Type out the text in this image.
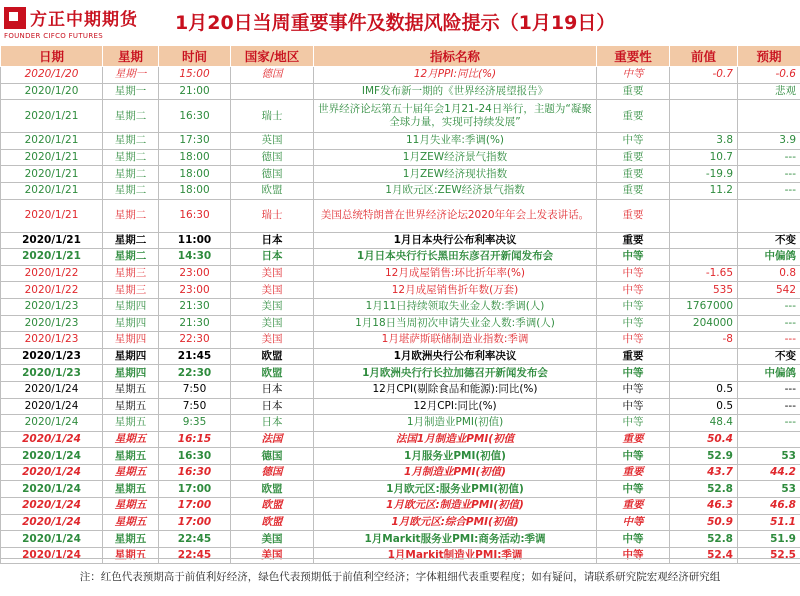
方正中期期货
FOUNDER CIFCO FUTURES
1月20日当周重要事件及数据风险提示（1月19日）
日期	星期	时间	国家/地区	指标名称	重要性	前值	预期
2020/1/20	星期一	15:00	德国	12月PPI:同比(%)	中等	-0.7	-0.6
2020/1/20	星期一	21:00		IMF发布新一期的《世界经济展望报告》	重要		悲观
2020/1/21	星期二	16:30	瑞士	世界经济论坛第五十届年会1月21-24日举行，主题为“凝聚全球力量，实现可持续发展”	重要		
2020/1/21	星期二	17:30	英国	11月失业率:季调(%)	中等	3.8	3.9
2020/1/21	星期二	18:00	德国	1月ZEW经济景气指数	重要	10.7	---
2020/1/21	星期二	18:00	德国	1月ZEW经济现状指数	重要	-19.9	---
2020/1/21	星期二	18:00	欧盟	1月欧元区:ZEW经济景气指数	重要	11.2	---
2020/1/21	星期二	16:30	瑞士	美国总统特朗普在世界经济论坛2020年年会上发表讲话。	重要		
2020/1/21	星期二	11:00	日本	1月日本央行公布利率决议	重要		不变
2020/1/21	星期二	14:30	日本	1月日本央行行长黑田东彦召开新闻发布会	中等		中偏鸽
2020/1/22	星期三	23:00	美国	12月成屋销售:环比折年率(%)	中等	-1.65	0.8
2020/1/22	星期三	23:00	美国	12月成屋销售折年数(万套)	中等	535	542
2020/1/23	星期四	21:30	美国	1月11日持续领取失业金人数:季调(人)	中等	1767000	---
2020/1/23	星期四	21:30	美国	1月18日当周初次申请失业金人数:季调(人)	中等	204000	---
2020/1/23	星期四	22:30	美国	1月堪萨斯联储制造业指数:季调	中等	-8	---
2020/1/23	星期四	21:45	欧盟	1月欧洲央行公布利率决议	重要		不变
2020/1/23	星期四	22:30	欧盟	1月欧洲央行行长拉加德召开新闻发布会	中等		中偏鸽
2020/1/24	星期五	7:50	日本	12月CPI(剔除食品和能源):同比(%)	中等	0.5	---
2020/1/24	星期五	7:50	日本	12月CPI:同比(%)	中等	0.5	---
2020/1/24	星期五	9:35	日本	1月制造业PMI(初值)	中等	48.4	---
2020/1/24	星期五	16:15	法国	法国1月制造业PMI(初值	重要	50.4	
2020/1/24	星期五	16:30	德国	1月服务业PMI(初值)	中等	52.9	53
2020/1/24	星期五	16:30	德国	1月制造业PMI(初值)	重要	43.7	44.2
2020/1/24	星期五	17:00	欧盟	1月欧元区:服务业PMI(初值)	中等	52.8	53
2020/1/24	星期五	17:00	欧盟	1月欧元区:制造业PMI(初值)	重要	46.3	46.8
2020/1/24	星期五	17:00	欧盟	1月欧元区:综合PMI(初值)	中等	50.9	51.1
2020/1/24	星期五	22:45	美国	1月Markit服务业PMI:商务活动:季调	中等	52.8	51.9
2020/1/24	星期五	22:45	美国	1月Markit制造业PMI:季调	中等	52.4	52.5
注：红色代表预期高于前值利好经济，绿色代表预期低于前值利空经济；字体粗细代表重要程度；如有疑问，请联系研究院宏观经济研究组
